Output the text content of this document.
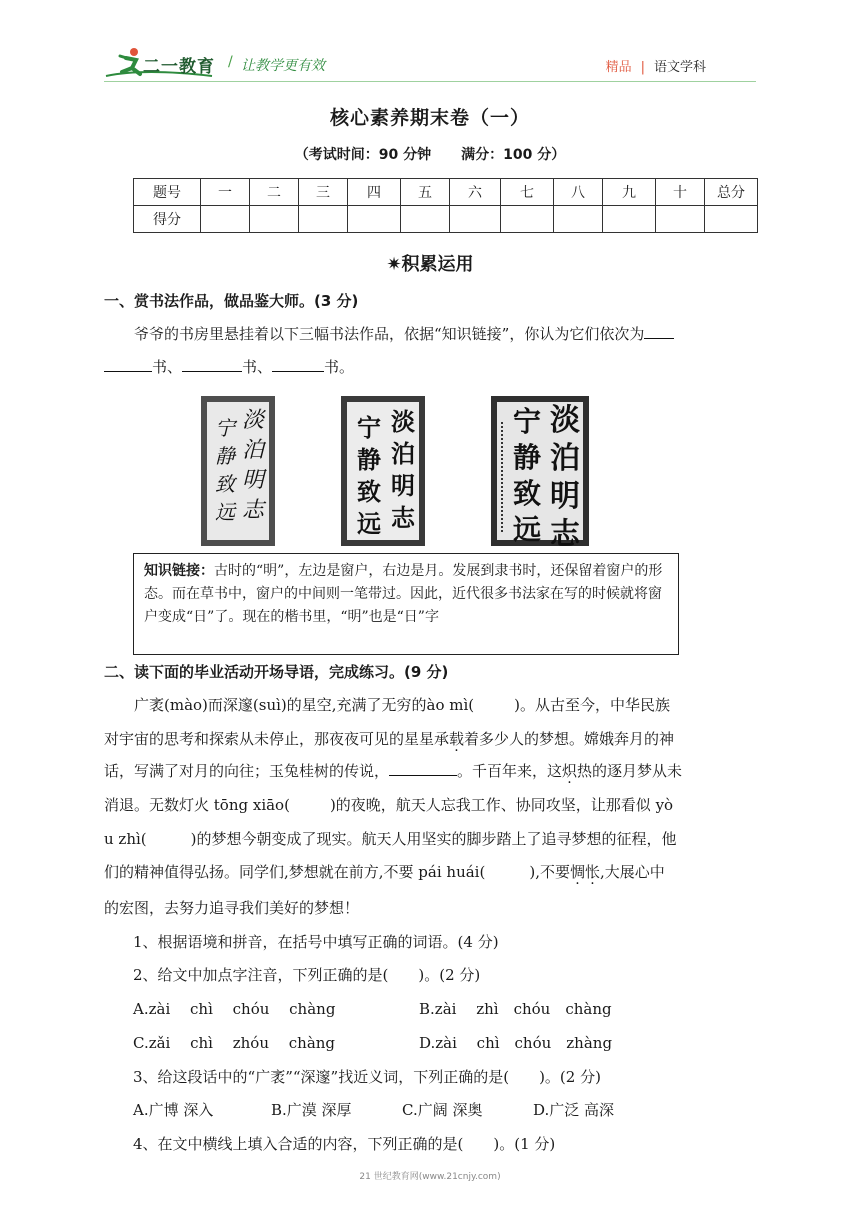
二一教育 / 让教学更有效	精品 | 语文学科
核心素养期末卷（一）
（考试时间：90 分钟 满分：100 分）
题号	一	二	三	四	五	六	七	八	九	十	总分
得分											
✷积累运用
一、赏书法作品，做品鉴大师。(3 分)
爷爷的书房里悬挂着以下三幅书法作品，依据“知识链接”，你认为它们依次为
书、	书、	书。
淡
泊
明
志
宁
静
致
远
淡
泊
明
志
宁
静
致
远
淡
泊
明
志
宁
静
致
远
知识链接：古时的“明”，左边是窗户，右边是月。发展到隶书时，还保留着窗户的形态。而在草书中，窗户的中间则一笔带过。因此，近代很多书法家在写的时候就将窗户变成“日”了。现在的楷书里，“明”也是“日”字
二、读下面的毕业活动开场导语，完成练习。(9 分)
广袤(mào)而深邃(suì)的星空,充满了无穷的ào mì(	)。从古至今，中华民族
对宇宙的思考和探索从未停止，那夜夜可见的星星承载着多少人的梦想。嫦娥奔月的神
话，写满了对月的向往；玉兔桂树的传说，	。千百年来，这炽热的逐月梦从未
消退。无数灯火 tōng xiāo(	)的夜晚，航天人忘我工作、协同攻坚，让那看似 yò
u zhì(	)的梦想今朝变成了现实。航天人用坚实的脚步踏上了追寻梦想的征程，他
们的精神值得弘扬。同学们,梦想就在前方,不要 pái huái(	),不要惆怅,大展心中
的宏图，去努力追寻我们美好的梦想！
1、根据语境和拼音，在括号中填写正确的词语。(4 分)
2、给文中加点字注音，下列正确的是(　　)。(2 分)
A.zài　 chì　 chóu　 chàng	B.zài　 zhì　chóu　chàng
C.zǎi　 chì　 zhóu　 chàng	D.zài　 chì　chóu　zhàng
3、给这段话中的“广袤”“深邃”找近义词，下列正确的是(　　)。(2 分)
A.广博 深入	B.广漠 深厚	C.广阔 深奥	D.广泛 高深
4、在文中横线上填入合适的内容，下列正确的是(　　)。(1 分)
21 世纪教育网(www.21cnjy.com)
